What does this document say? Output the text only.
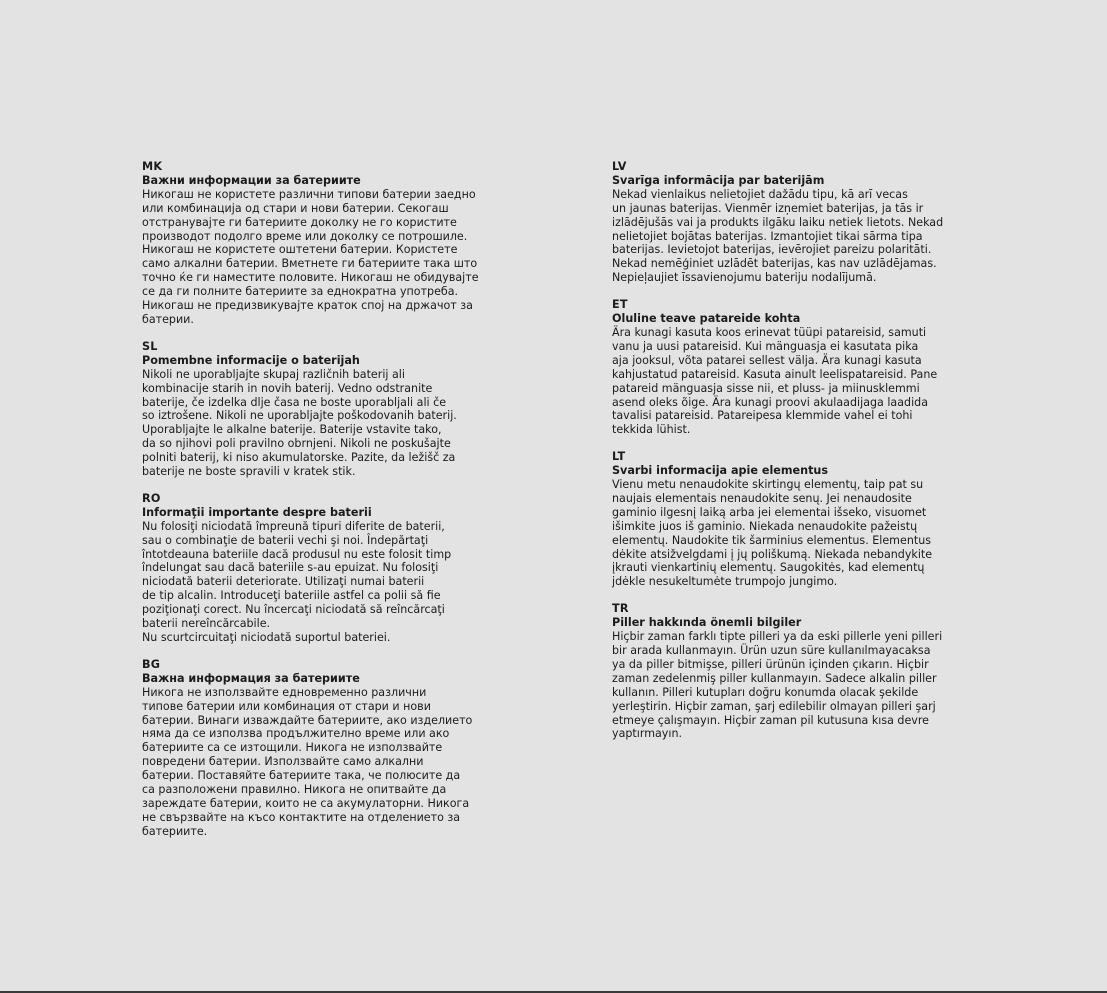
MK
Важни информации за батериите
Никогаш не користете различни типови батерии заедно
или комбинација од стари и нови батерии. Секогаш
отстранувајте ги батериите доколку не го користите
производот подолго време или доколку се потрошиле.
Никогаш не користете оштетени батерии. Користете
само алкални батерии. Вметнете ги батериите така што
точно ќе ги наместите половите. Никогаш не обидувајте
се да ги полните батериите за еднократна употреба.
Никогаш не предизвикувајте краток спој на држачот за
батерии.
SL
Pomembne informacije o baterijah
Nikoli ne uporabljajte skupaj različnih baterij ali
kombinacije starih in novih baterij. Vedno odstranite
baterije, če izdelka dlje časa ne boste uporabljali ali če
so iztrošene. Nikoli ne uporabljajte poškodovanih baterij.
Uporabljajte le alkalne baterije. Baterije vstavite tako,
da so njihovi poli pravilno obrnjeni. Nikoli ne poskušajte
polniti baterij, ki niso akumulatorske. Pazite, da ležišč za
baterije ne boste spravili v kratek stik.
RO
Informaţii importante despre baterii
Nu folosiţi niciodată împreună tipuri diferite de baterii,
sau o combinaţie de baterii vechi şi noi. Îndepărtaţi
întotdeauna bateriile dacă produsul nu este folosit timp
îndelungat sau dacă bateriile s-au epuizat. Nu folosiţi
niciodată baterii deteriorate. Utilizaţi numai baterii
de tip alcalin. Introduceţi bateriile astfel ca polii să fie
poziţionaţi corect. Nu încercaţi niciodată să reîncărcaţi
baterii nereîncărcabile.
Nu scurtcircuitaţi niciodată suportul bateriei.
BG
Важна информация за батериите
Никога не използвайте едновременно различни
типове батерии или комбинация от стари и нови
батерии. Винаги изваждайте батериите, ако изделието
няма да се използва продължително време или ако
батериите са се изтощили. Никога не използвайте
повредени батерии. Използвайте само алкални
батерии. Поставяйте батериите така, че полюсите да
са разположени правилно. Никога не опитвайте да
зареждате батерии, които не са акумулаторни. Никога
не свързвайте на късо контактите на отделението за
батериите.
LV
Svarīga informācija par baterijām
Nekad vienlaikus nelietojiet dažādu tipu, kā arī vecas
un jaunas baterijas. Vienmēr izņemiet baterijas, ja tās ir
izlādējušās vai ja produkts ilgāku laiku netiek lietots. Nekad
nelietojiet bojātas baterijas. Izmantojiet tikai sārma tipa
baterijas. Ievietojot baterijas, ievērojiet pareizu polaritāti.
Nekad nemēģiniet uzlādēt baterijas, kas nav uzlādējamas.
Nepieļaujiet īssavienojumu bateriju nodalījumā.
ET
Oluline teave patareide kohta
Ära kunagi kasuta koos erinevat tüüpi patareisid, samuti
vanu ja uusi patareisid. Kui mänguasja ei kasutata pika
aja jooksul, võta patarei sellest välja. Ära kunagi kasuta
kahjustatud patareisid. Kasuta ainult leelispatareisid. Pane
patareid mänguasja sisse nii, et pluss- ja miinusklemmi
asend oleks õige. Ära kunagi proovi akulaadijaga laadida
tavalisi patareisid. Patareipesa klemmide vahel ei tohi
tekkida lühist.
LT
Svarbi informacija apie elementus
Vienu metu nenaudokite skirtingų elementų, taip pat su
naujais elementais nenaudokite senų. Jei nenaudosite
gaminio ilgesnį laiką arba jei elementai išseko, visuomet
išimkite juos iš gaminio. Niekada nenaudokite pažeistų
elementų. Naudokite tik šarminius elementus. Elementus
dėkite atsižvelgdami į jų poliškumą. Niekada nebandykite
įkrauti vienkartinių elementų. Saugokitės, kad elementų
jdėkle nesukeltumėte trumpojo jungimo.
TR
Piller hakkında önemli bilgiler
Hiçbir zaman farklı tipte pilleri ya da eski pillerle yeni pilleri
bir arada kullanmayın. Ürün uzun süre kullanılmayacaksa
ya da piller bitmişse, pilleri ürünün içinden çıkarın. Hiçbir
zaman zedelenmiş piller kullanmayın. Sadece alkalin piller
kullanın. Pilleri kutupları doğru konumda olacak şekilde
yerleştirin. Hiçbir zaman, şarj edilebilir olmayan pilleri şarj
etmeye çalışmayın. Hiçbir zaman pil kutusuna kısa devre
yaptırmayın.
